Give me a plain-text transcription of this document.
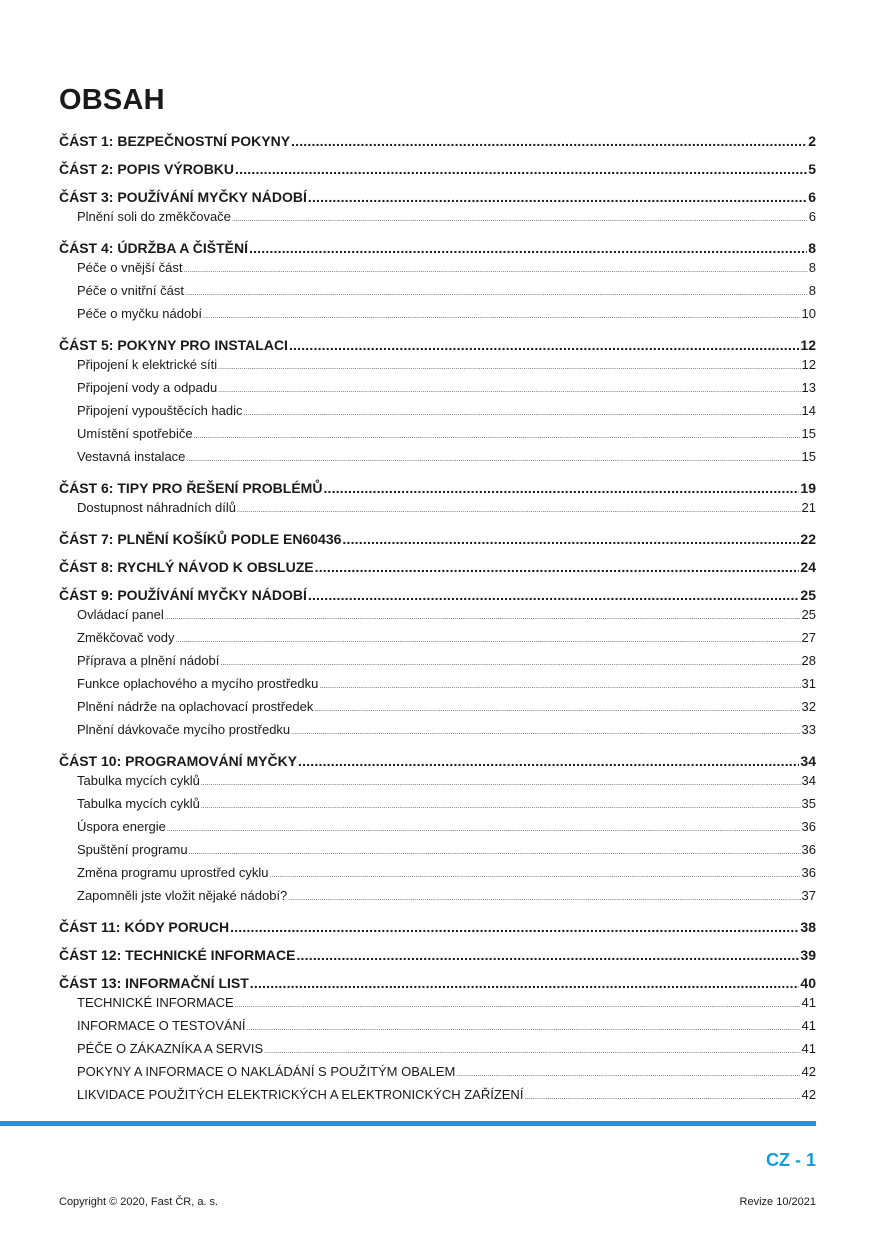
OBSAH
ČÁST 1: BEZPEČNOSTNÍ POKYNY .....	2
ČÁST 2: POPIS VÝROBKU .....	5
ČÁST 3: POUŽÍVÁNÍ MYČKY NÁDOBÍ .....	6
Plnění soli do změkčovače .....	6
ČÁST 4: ÚDRŽBA A ČIŠTĚNÍ .....	8
Péče o vnější část .....	8
Péče o vnitřní část .....	8
Péče o myčku nádobí .....	10
ČÁST 5: POKYNY PRO INSTALACI .....	12
Připojení k elektrické síti .....	12
Připojení vody a odpadu .....	13
Připojení vypouštěcích hadic .....	14
Umístění spotřebiče .....	15
Vestavná instalace .....	15
ČÁST 6: TIPY PRO ŘEŠENÍ PROBLÉMŮ .....	19
Dostupnost náhradních dílů .....	21
ČÁST 7: PLNĚNÍ KOŠÍKŮ PODLE EN60436 .....	22
ČÁST 8: RYCHLÝ NÁVOD K OBSLUZE .....	24
ČÁST 9: POUŽÍVÁNÍ MYČKY NÁDOBÍ .....	25
Ovládací panel .....	25
Změkčovač vody .....	27
Příprava a plnění nádobí .....	28
Funkce oplachového a mycího prostředku .....	31
Plnění nádrže na oplachovací prostředek .....	32
Plnění dávkovače mycího prostředku .....	33
ČÁST 10: PROGRAMOVÁNÍ MYČKY .....	34
Tabulka mycích cyklů .....	34
Tabulka mycích cyklů .....	35
Úspora energie .....	36
Spuštění programu .....	36
Změna programu uprostřed cyklu .....	36
Zapomněli jste vložit nějaké nádobí? .....	37
ČÁST 11: KÓDY PORUCH .....	38
ČÁST 12: TECHNICKÉ INFORMACE .....	39
ČÁST 13: INFORMAČNÍ LIST .....	40
TECHNICKÉ INFORMACE .....	41
INFORMACE O TESTOVÁNÍ .....	41
PÉČE O ZÁKAZNÍKA A SERVIS .....	41
POKYNY A INFORMACE O NAKLÁDÁNÍ S POUŽITÝM OBALEM .....	42
LIKVIDACE POUŽITÝCH ELEKTRICKÝCH A ELEKTRONICKÝCH ZAŘÍZENÍ .....	42
CZ - 1
Copyright © 2020, Fast ČR, a. s.	Revize 10/2021
